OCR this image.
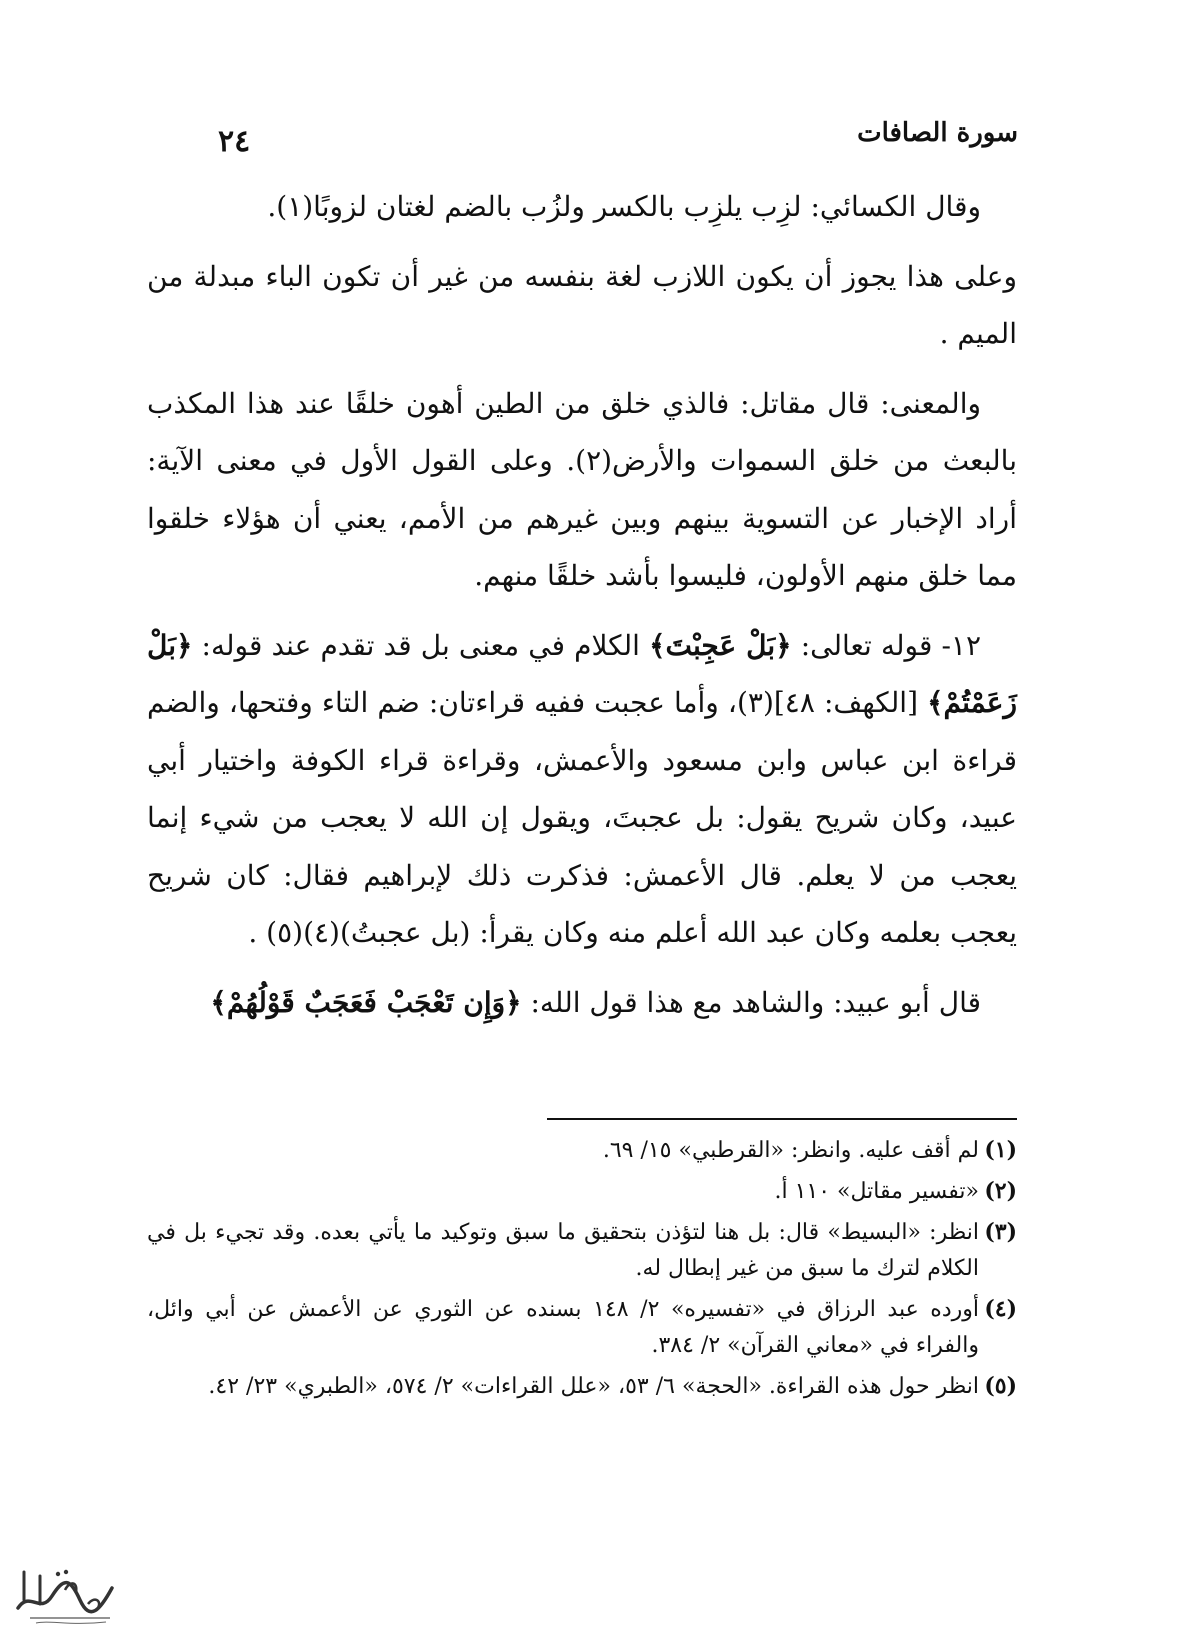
سورة الصافات
٢٤

وقال الكسائي: لزِب يلزِب بالكسر ولزُب بالضم لغتان لزوبًا(١).

وعلى هذا يجوز أن يكون اللازب لغة بنفسه من غير أن تكون الباء مبدلة من الميم .

والمعنى: قال مقاتل: فالذي خلق من الطين أهون خلقًا عند هذا المكذب بالبعث من خلق السموات والأرض(٢). وعلى القول الأول في معنى الآية: أراد الإخبار عن التسوية بينهم وبين غيرهم من الأمم، يعني أن هؤلاء خلقوا مما خلق منهم الأولون، فليسوا بأشد خلقًا منهم.

١٢- قوله تعالى: ﴿بَلْ عَجِبْتَ﴾ الكلام في معنى بل قد تقدم عند قوله: ﴿بَلْ زَعَمْتُمْ﴾ [الكهف: ٤٨](٣)، وأما عجبت ففيه قراءتان: ضم التاء وفتحها، والضم قراءة ابن عباس وابن مسعود والأعمش، وقراءة قراء الكوفة واختيار أبي عبيد، وكان شريح يقول: بل عجبتَ، ويقول إن الله لا يعجب من شيء إنما يعجب من لا يعلم. قال الأعمش: فذكرت ذلك لإبراهيم فقال: كان شريح يعجب بعلمه وكان عبد الله أعلم منه وكان يقرأ: (بل عجبتُ)(٤)(٥) .

قال أبو عبيد: والشاهد مع هذا قول الله: ﴿وَإِن تَعْجَبْ فَعَجَبٌ قَوْلُهُمْ﴾

(١)لم أقف عليه. وانظر: «القرطبي» ١٥/ ٦٩.
(٢)«تفسير مقاتل» ١١٠ أ.
(٣)انظر: «البسيط» قال: بل هنا لتؤذن بتحقيق ما سبق وتوكيد ما يأتي بعده. وقد تجيء بل في الكلام لترك ما سبق من غير إبطال له.
(٤)أورده عبد الرزاق في «تفسيره» ٢/ ١٤٨ بسنده عن الثوري عن الأعمش عن أبي وائل، والفراء في «معاني القرآن» ٢/ ٣٨٤.
(٥)انظر حول هذه القراءة. «الحجة» ٦/ ٥٣، «علل القراءات» ٢/ ٥٧٤، «الطبري» ٢٣/ ٤٢.
